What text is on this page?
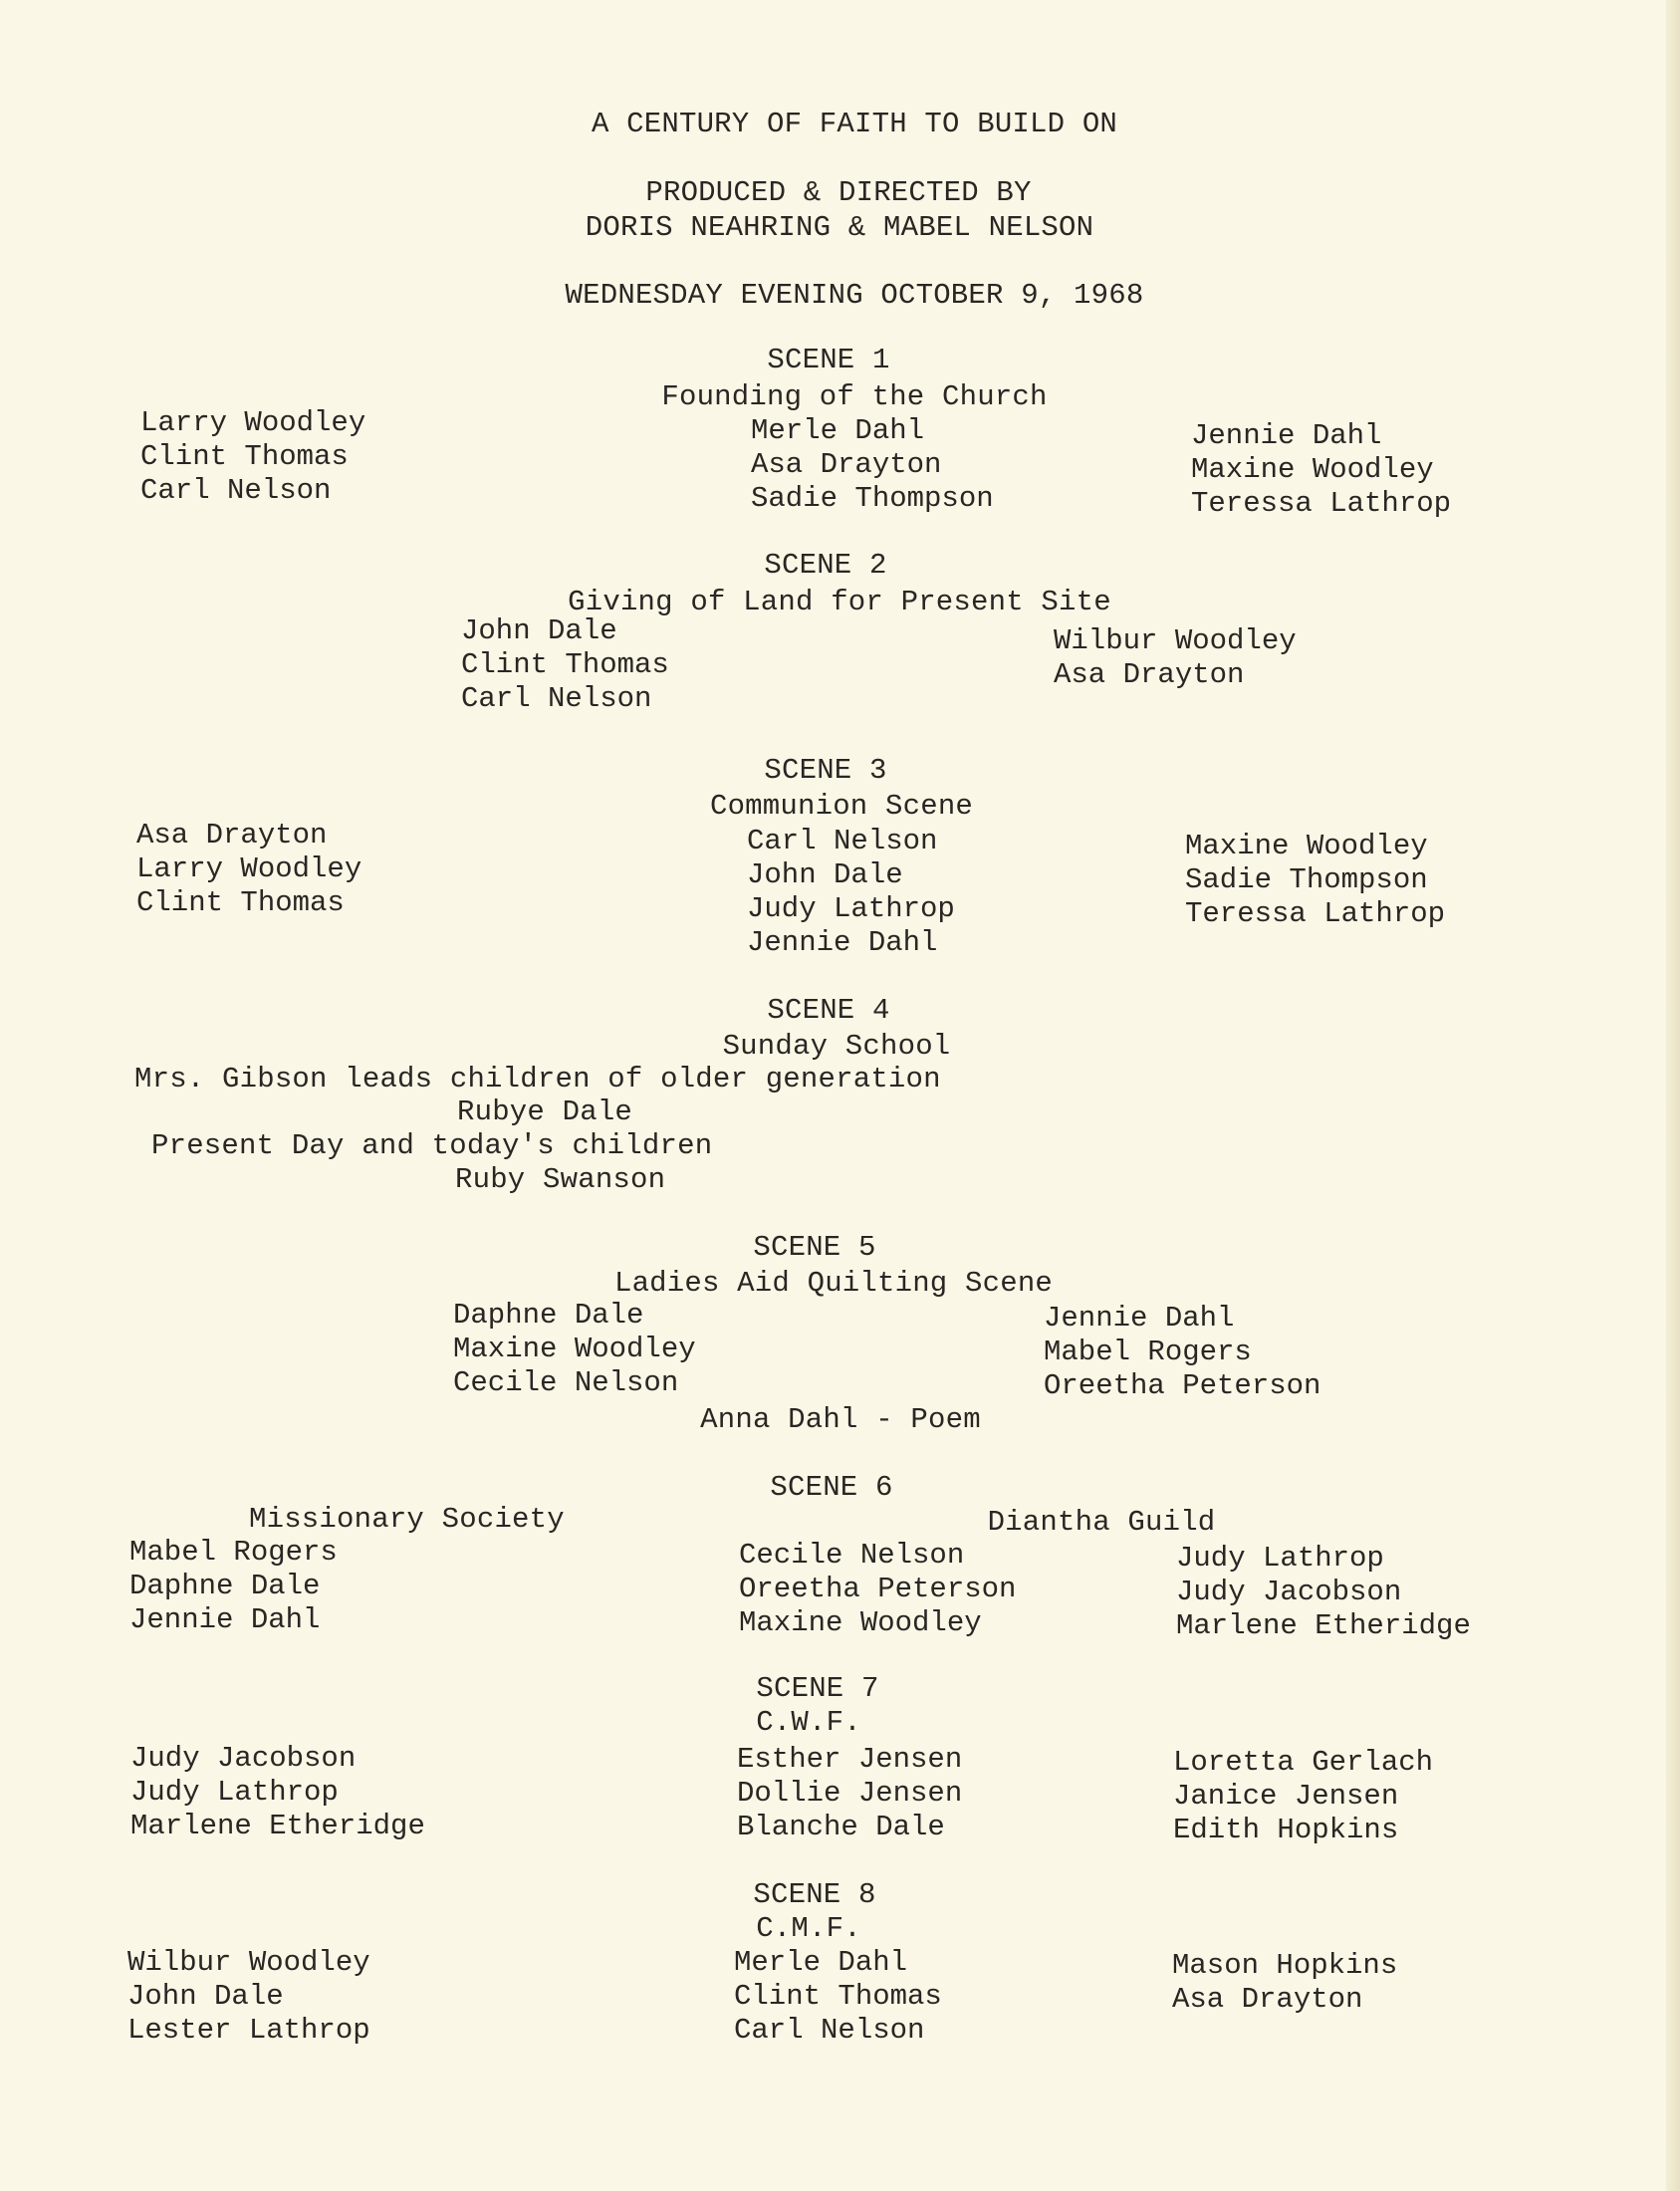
A CENTURY OF FAITH TO BUILD ON
PRODUCED & DIRECTED BY
DORIS NEAHRING & MABEL NELSON
WEDNESDAY EVENING OCTOBER 9, 1968
SCENE 1
Founding of the Church
Larry Woodley
Clint Thomas
Carl Nelson
Merle Dahl
Asa Drayton
Sadie Thompson
Jennie Dahl
Maxine Woodley
Teressa Lathrop
SCENE 2
Giving of Land for Present Site
John Dale
Clint Thomas
Carl Nelson
Wilbur Woodley
Asa Drayton
SCENE 3
Communion Scene
Asa Drayton
Larry Woodley
Clint Thomas
Carl Nelson
John Dale
Judy Lathrop
Jennie Dahl
Maxine Woodley
Sadie Thompson
Teressa Lathrop
SCENE 4
Sunday School
Mrs. Gibson leads children of older generation
Rubye Dale
Present Day and today's children
Ruby Swanson
SCENE 5
Ladies Aid Quilting Scene
Daphne Dale
Maxine Woodley
Cecile Nelson
Jennie Dahl
Mabel Rogers
Oreetha Peterson
Anna Dahl - Poem
SCENE 6
Missionary Society
Mabel Rogers
Daphne Dale
Jennie Dahl
Diantha Guild
Cecile Nelson
Oreetha Peterson
Maxine Woodley
Judy Lathrop
Judy Jacobson
Marlene Etheridge
SCENE 7
C.W.F.
Judy Jacobson
Judy Lathrop
Marlene Etheridge
Esther Jensen
Dollie Jensen
Blanche Dale
Loretta Gerlach
Janice Jensen
Edith Hopkins
SCENE 8
C.M.F.
Wilbur Woodley
John Dale
Lester Lathrop
Merle Dahl
Clint Thomas
Carl Nelson
Mason Hopkins
Asa Drayton
